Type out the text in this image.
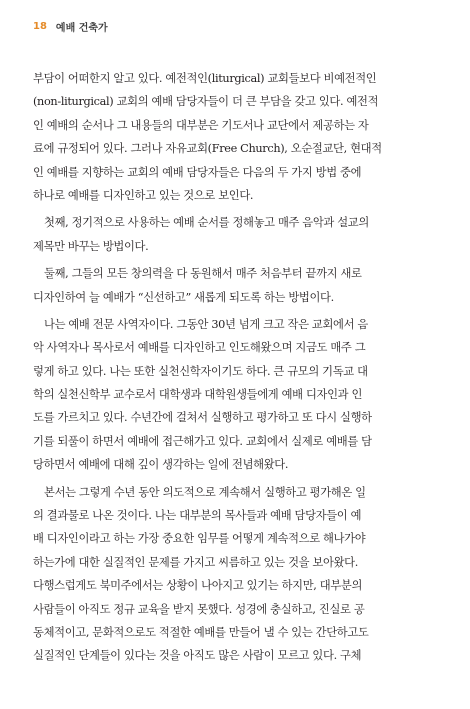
18 예배 건축가
부담이 어떠한지 알고 있다. 예전적인(liturgical) 교회들보다 비예전적인
(non-liturgical) 교회의 예배 담당자들이 더 큰 부담을 갖고 있다. 예전적
인 예배의 순서나 그 내용들의 대부분은 기도서나 교단에서 제공하는 자
료에 규정되어 있다. 그러나 자유교회(Free Church), 오순절교단, 현대적
인 예배를 지향하는 교회의 예배 담당자들은 다음의 두 가지 방법 중에
하나로 예배를 디자인하고 있는 것으로 보인다.
첫째, 정기적으로 사용하는 예배 순서를 정해놓고 매주 음악과 설교의
제목만 바꾸는 방법이다.
둘째, 그들의 모든 창의력을 다 동원해서 매주 처음부터 끝까지 새로
디자인하여 늘 예배가 “신선하고” 새롭게 되도록 하는 방법이다.
나는 예배 전문 사역자이다. 그동안 30년 넘게 크고 작은 교회에서 음
악 사역자나 목사로서 예배를 디자인하고 인도해왔으며 지금도 매주 그
렇게 하고 있다. 나는 또한 실천신학자이기도 하다. 큰 규모의 기독교 대
학의 실천신학부 교수로서 대학생과 대학원생들에게 예배 디자인과 인
도를 가르치고 있다. 수년간에 걸쳐서 실행하고 평가하고 또 다시 실행하
기를 되풀이 하면서 예배에 접근해가고 있다. 교회에서 실제로 예배를 담
당하면서 예배에 대해 깊이 생각하는 일에 전념해왔다.
본서는 그렇게 수년 동안 의도적으로 계속해서 실행하고 평가해온 일
의 결과물로 나온 것이다. 나는 대부분의 목사들과 예배 담당자들이 예
배 디자인이라고 하는 가장 중요한 임무를 어떻게 계속적으로 해나가야
하는가에 대한 실질적인 문제를 가지고 씨름하고 있는 것을 보아왔다.
다행스럽게도 북미주에서는 상황이 나아지고 있기는 하지만, 대부분의
사람들이 아직도 정규 교육을 받지 못했다. 성경에 충실하고, 진실로 공
동체적이고, 문화적으로도 적절한 예배를 만들어 낼 수 있는 간단하고도
실질적인 단계들이 있다는 것을 아직도 많은 사람이 모르고 있다. 구체
